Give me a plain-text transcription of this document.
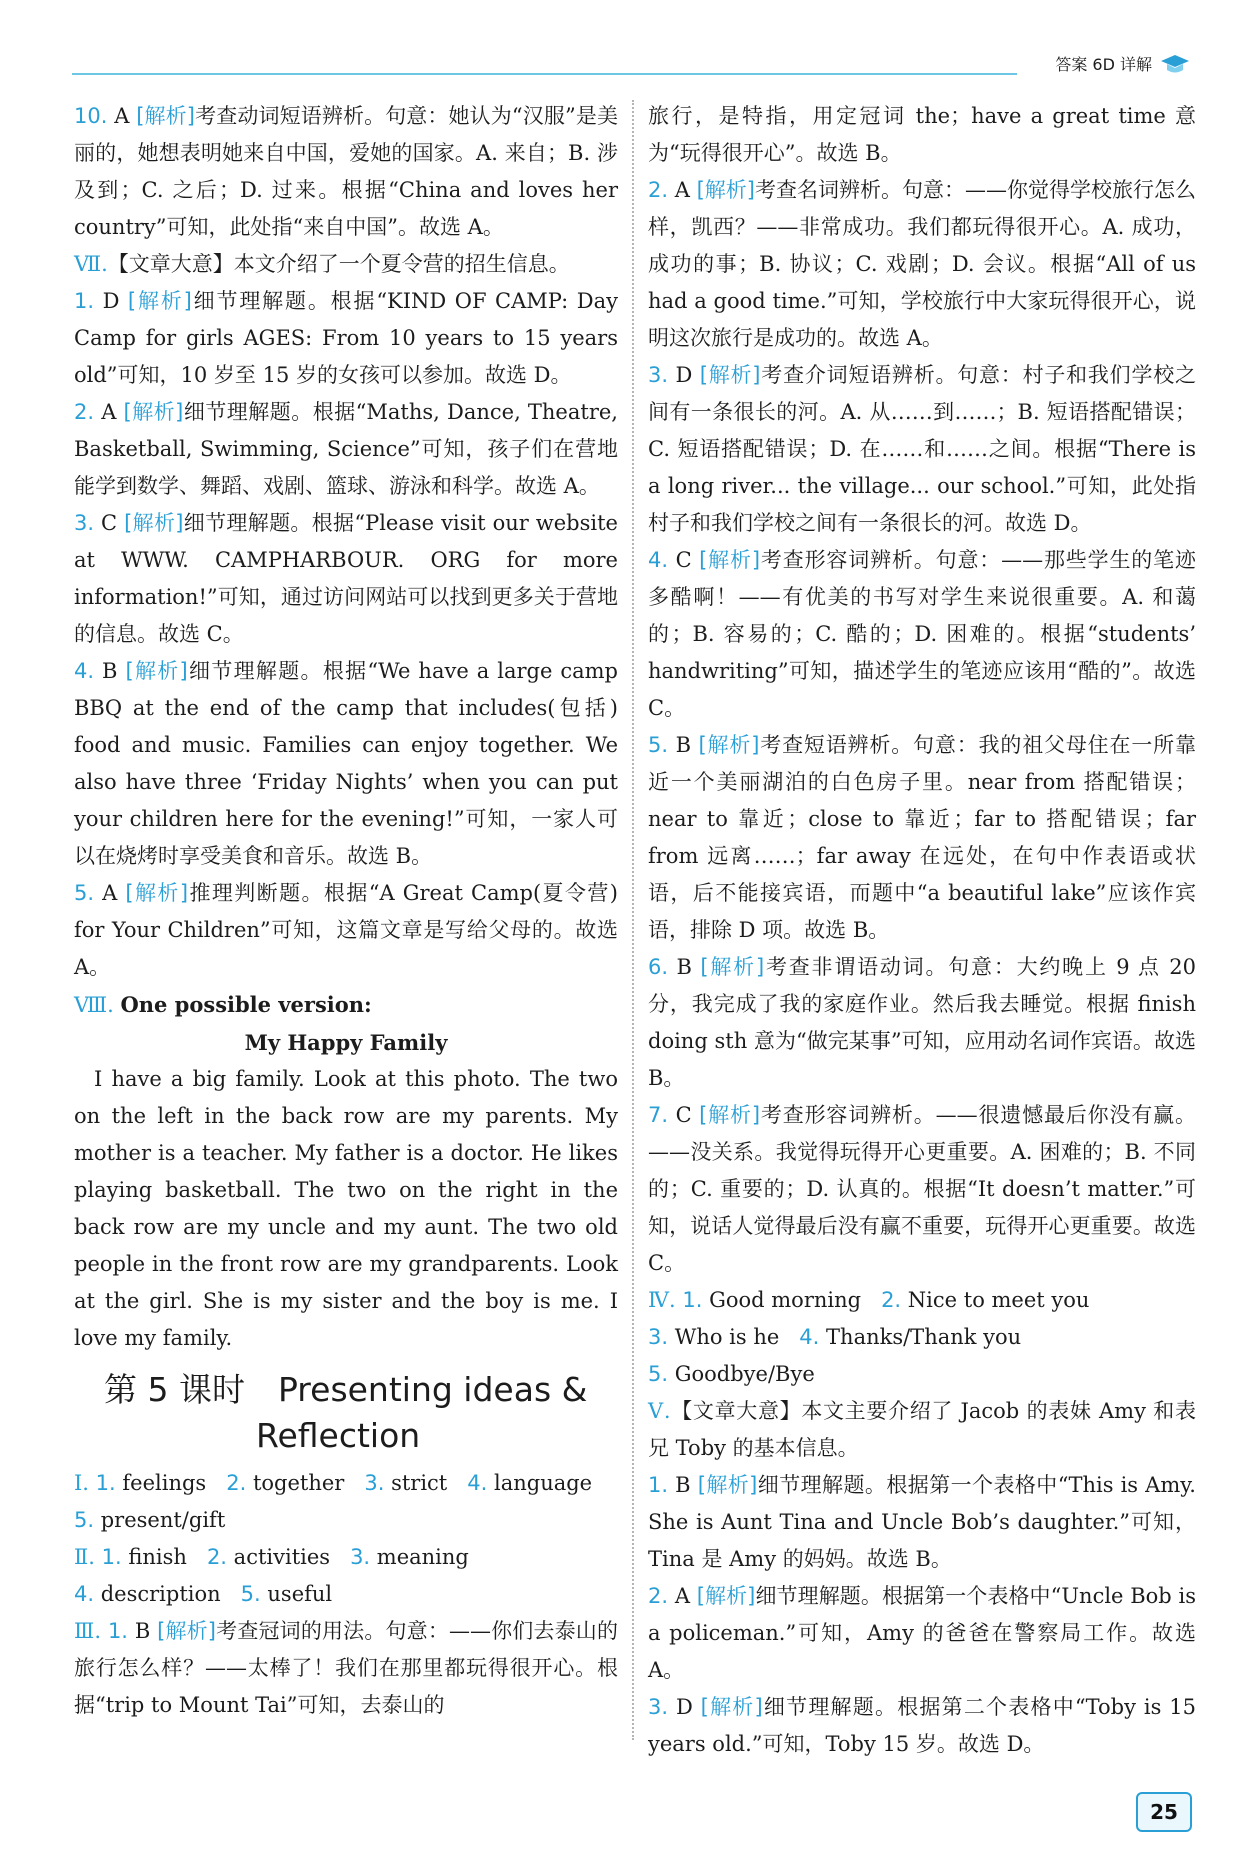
答案 6D 详解
10. A [解析]考查动词短语辨析。句意：她认为“汉服”是美丽的，她想表明她来自中国，爱她的国家。A. 来自；B. 涉及到；C. 之后；D. 过来。根据“China and loves her country”可知，此处指“来自中国”。故选 A。
Ⅶ.【文章大意】本文介绍了一个夏令营的招生信息。
1. D [解析]细节理解题。根据“KIND OF CAMP: Day Camp for girls AGES: From 10 years to 15 years old”可知，10 岁至 15 岁的女孩可以参加。故选 D。
2. A [解析]细节理解题。根据“Maths, Dance, Theatre, Basketball, Swimming, Science”可知，孩子们在营地能学到数学、舞蹈、戏剧、篮球、游泳和科学。故选 A。
3. C [解析]细节理解题。根据“Please visit our website at WWW. CAMPHARBOUR. ORG for more information!”可知，通过访问网站可以找到更多关于营地的信息。故选 C。
4. B [解析]细节理解题。根据“We have a large camp BBQ at the end of the camp that includes(包括) food and music. Families can enjoy together. We also have three ‘Friday Nights’ when you can put your children here for the evening!”可知，一家人可以在烧烤时享受美食和音乐。故选 B。
5. A [解析]推理判断题。根据“A Great Camp(夏令营) for Your Children”可知，这篇文章是写给父母的。故选 A。
Ⅷ. One possible version:
My Happy Family
I have a big family. Look at this photo. The two on the left in the back row are my parents. My mother is a teacher. My father is a doctor. He likes playing basketball. The two on the right in the back row are my uncle and my aunt. The two old people in the front row are my grandparents. Look at the girl. She is my sister and the boy is me. I love my family.
第 5 课时　Presenting ideas &
Reflection
Ⅰ. 1. feelings 2. together 3. strict 4. language
5. present/gift
Ⅱ. 1. finish 2. activities 3. meaning
4. description 5. useful
Ⅲ. 1. B [解析]考查冠词的用法。句意：——你们去泰山的旅行怎么样？——太棒了！我们在那里都玩得很开心。根据“trip to Mount Tai”可知，去泰山的
旅行，是特指，用定冠词 the；have a great time 意为“玩得很开心”。故选 B。
2. A [解析]考查名词辨析。句意：——你觉得学校旅行怎么样，凯西？——非常成功。我们都玩得很开心。A. 成功，成功的事；B. 协议；C. 戏剧；D. 会议。根据“All of us had a good time.”可知，学校旅行中大家玩得很开心，说明这次旅行是成功的。故选 A。
3. D [解析]考查介词短语辨析。句意：村子和我们学校之间有一条很长的河。A. 从……到……；B. 短语搭配错误；C. 短语搭配错误；D. 在……和……之间。根据“There is a long river... the village... our school.”可知，此处指村子和我们学校之间有一条很长的河。故选 D。
4. C [解析]考查形容词辨析。句意：——那些学生的笔迹多酷啊！——有优美的书写对学生来说很重要。A. 和蔼的；B. 容易的；C. 酷的；D. 困难的。根据“students’ handwriting”可知，描述学生的笔迹应该用“酷的”。故选 C。
5. B [解析]考查短语辨析。句意：我的祖父母住在一所靠近一个美丽湖泊的白色房子里。near from 搭配错误；near to 靠近；close to 靠近；far to 搭配错误；far from 远离……；far away 在远处，在句中作表语或状语，后不能接宾语，而题中“a beautiful lake”应该作宾语，排除 D 项。故选 B。
6. B [解析]考查非谓语动词。句意：大约晚上 9 点 20 分，我完成了我的家庭作业。然后我去睡觉。根据 finish doing sth 意为“做完某事”可知，应用动名词作宾语。故选 B。
7. C [解析]考查形容词辨析。——很遗憾最后你没有赢。——没关系。我觉得玩得开心更重要。A. 困难的；B. 不同的；C. 重要的；D. 认真的。根据“It doesn’t matter.”可知，说话人觉得最后没有赢不重要，玩得开心更重要。故选 C。
Ⅳ. 1. Good morning 2. Nice to meet you
3. Who is he 4. Thanks/Thank you
5. Goodbye/Bye
Ⅴ.【文章大意】本文主要介绍了 Jacob 的表妹 Amy 和表兄 Toby 的基本信息。
1. B [解析]细节理解题。根据第一个表格中“This is Amy. She is Aunt Tina and Uncle Bob’s daughter.”可知，Tina 是 Amy 的妈妈。故选 B。
2. A [解析]细节理解题。根据第一个表格中“Uncle Bob is a policeman.”可知，Amy 的爸爸在警察局工作。故选 A。
3. D [解析]细节理解题。根据第二个表格中“Toby is 15 years old.”可知，Toby 15 岁。故选 D。
25
